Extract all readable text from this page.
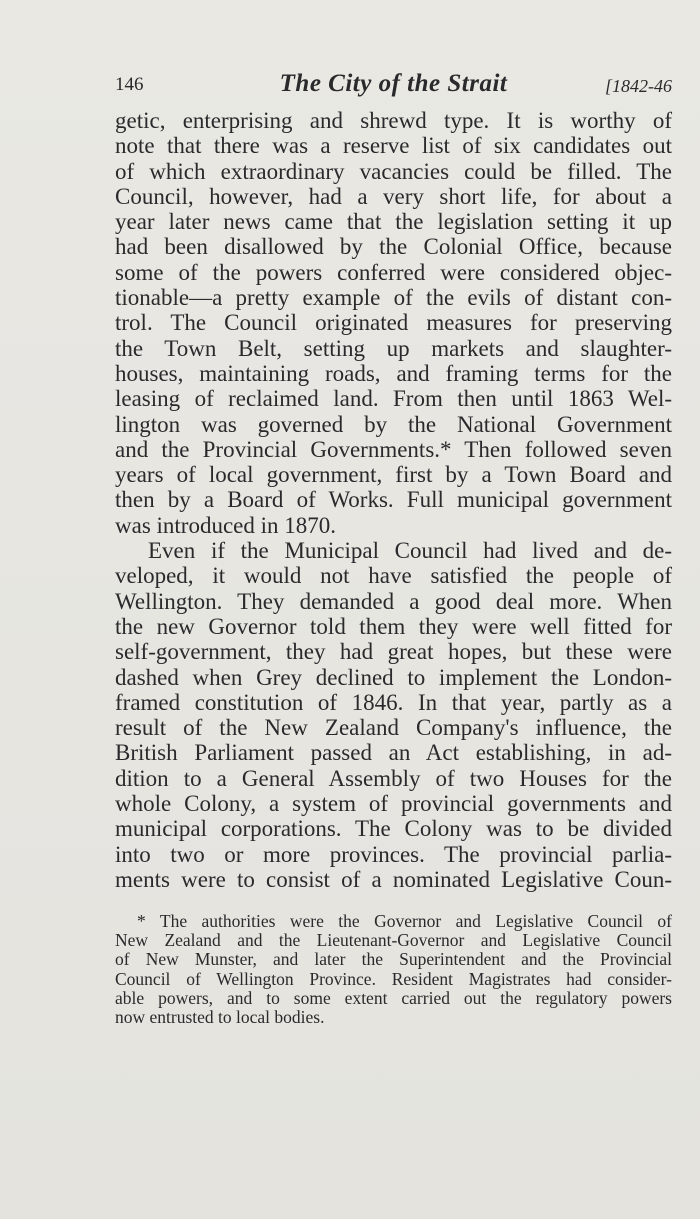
146	The City of the Strait	[1842-46
getic, enterprising and shrewd type. It is worthy of
note that there was a reserve list of six candidates out
of which extraordinary vacancies could be filled. The
Council, however, had a very short life, for about a
year later news came that the legislation setting it up
had been disallowed by the Colonial Office, because
some of the powers conferred were considered objec-
tionable—a pretty example of the evils of distant con-
trol. The Council originated measures for preserving
the Town Belt, setting up markets and slaughter-
houses, maintaining roads, and framing terms for the
leasing of reclaimed land. From then until 1863 Wel-
lington was governed by the National Government
and the Provincial Governments.* Then followed seven
years of local government, first by a Town Board and
then by a Board of Works. Full municipal government
was introduced in 1870.
Even if the Municipal Council had lived and de-
veloped, it would not have satisfied the people of
Wellington. They demanded a good deal more. When
the new Governor told them they were well fitted for
self-government, they had great hopes, but these were
dashed when Grey declined to implement the London-
framed constitution of 1846. In that year, partly as a
result of the New Zealand Company's influence, the
British Parliament passed an Act establishing, in ad-
dition to a General Assembly of two Houses for the
whole Colony, a system of provincial governments and
municipal corporations. The Colony was to be divided
into two or more provinces. The provincial parlia-
ments were to consist of a nominated Legislative Coun-
* The authorities were the Governor and Legislative Council of
New Zealand and the Lieutenant-Governor and Legislative Council
of New Munster, and later the Superintendent and the Provincial
Council of Wellington Province. Resident Magistrates had consider-
able powers, and to some extent carried out the regulatory powers
now entrusted to local bodies.
